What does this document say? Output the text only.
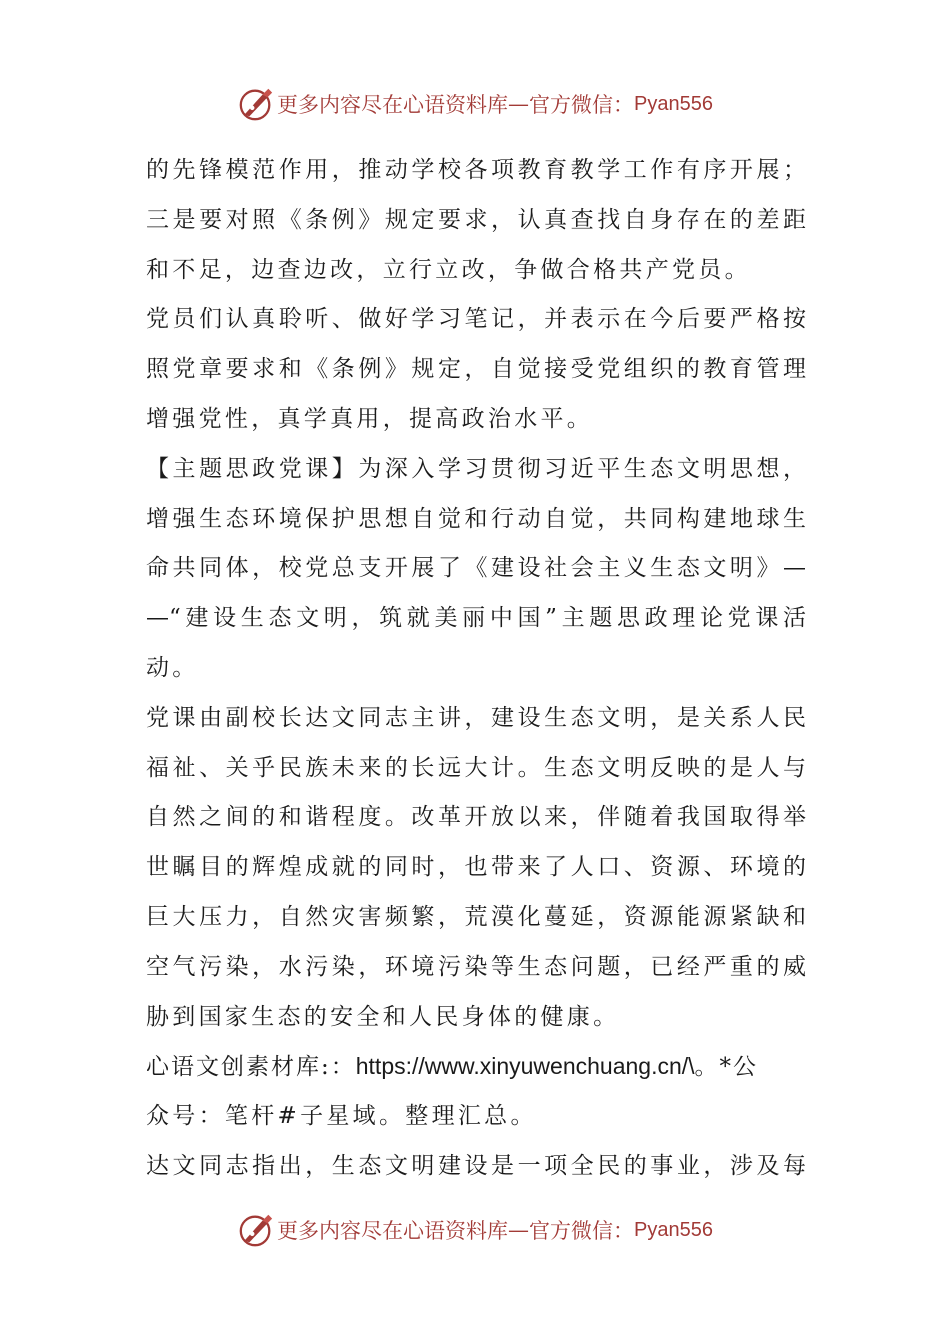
更多内容尽在心语资料库 — 官方微信： Pyan556
的先锋模范作用，推动学校各项教育教学工作有序开展；
三是要对照《条例》规定要求，认真查找自身存在的差距
和不足，边查边改，立行立改，争做合格共产党员。
党员们认真聆听、做好学习笔记，并表示在今后要严格按
照党章要求和《条例》规定，自觉接受党组织的教育管理
增强党性，真学真用，提高政治水平。
【主题思政党课】为深入学习贯彻习近平生态文明思想，
增强生态环境保护思想自觉和行动自觉，共同构建地球生
命共同体，校党总支开展了《建设社会主义生态文明》—
—“建设生态文明，筑就美丽中国”主题思政理论党课活
动。
党课由副校长达文同志主讲，建设生态文明，是关系人民
福祉、关乎民族未来的长远大计。生态文明反映的是人与
自然之间的和谐程度。改革开放以来，伴随着我国取得举
世瞩目的辉煌成就的同时，也带来了人口、资源、环境的
巨大压力，自然灾害频繁，荒漠化蔓延，资源能源紧缺和
空气污染，水污染，环境污染等生态问题，已经严重的威
胁到国家生态的安全和人民身体的健康。
心语文创素材库:：https://www.xinyuwenchuang.cn/\。*公
众号：笔杆#子星域。整理汇总。
达文同志指出，生态文明建设是一项全民的事业，涉及每
更多内容尽在心语资料库 — 官方微信： Pyan556
